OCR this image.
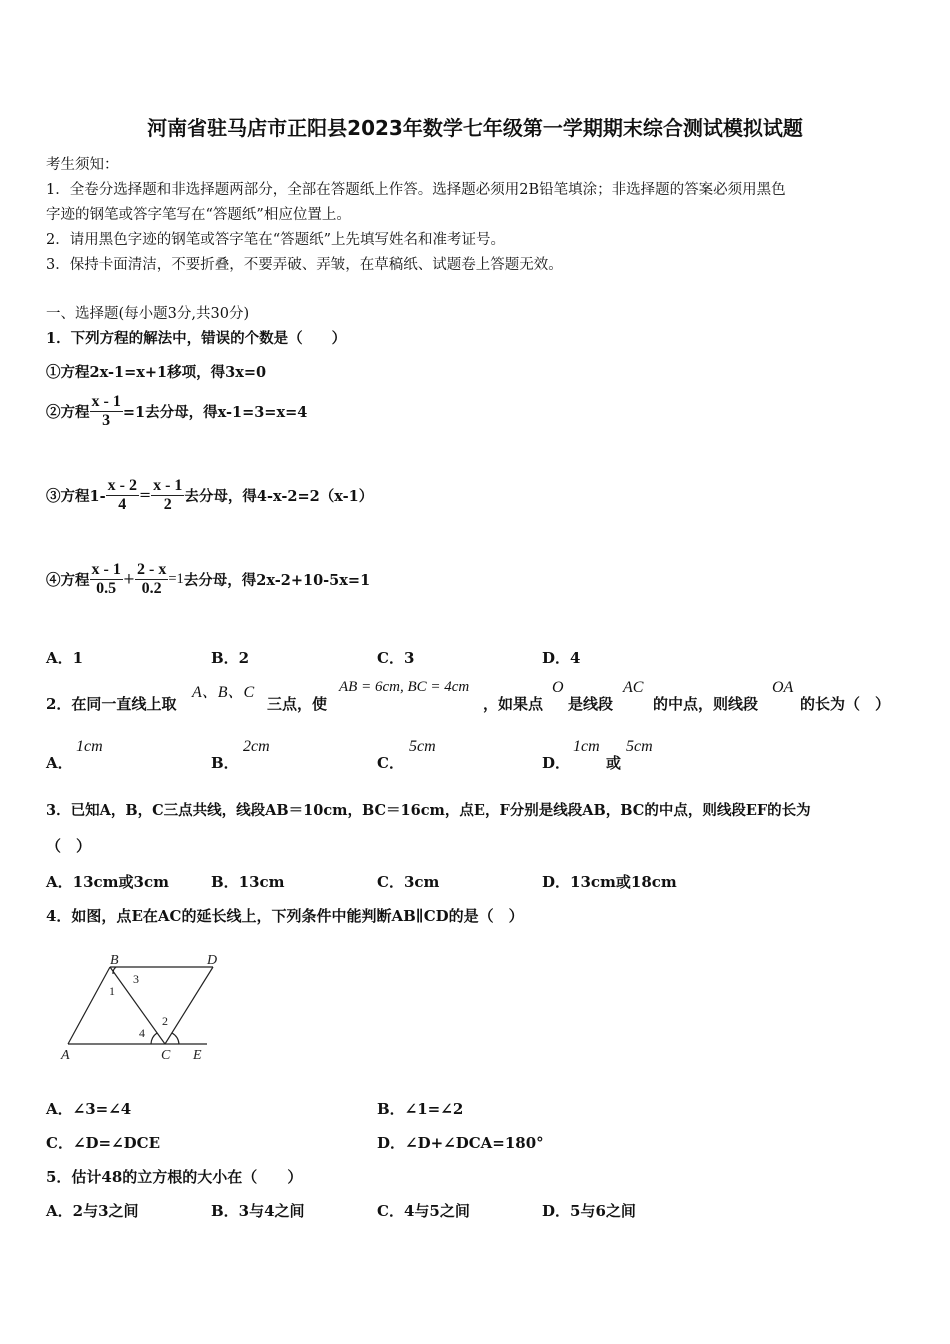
河南省驻马店市正阳县2023年数学七年级第一学期期末综合测试模拟试题
考生须知：
1．全卷分选择题和非选择题两部分，全部在答题纸上作答。选择题必须用2B铅笔填涂；非选择题的答案必须用黑色
字迹的钢笔或答字笔写在“答题纸”相应位置上。
2．请用黑色字迹的钢笔或答字笔在“答题纸”上先填写姓名和准考证号。
3．保持卡面清洁，不要折叠，不要弄破、弄皱，在草稿纸、试题卷上答题无效。
一、选择题(每小题3分,共30分)
1．下列方程的解法中，错误的个数是（　　）
①方程2x-1=x+1移项，得3x=0
②方程 $\frac{x - 1}{3} =1$去分母，得x-1=3=x=4
③方程$1- \frac{x - 2}{4} = \frac{x - 1}{2}$ 去分母，得4-x-2=2（x-1）
④方程 $\frac{x - 1}{0.5} + \frac{2 - x}{0.2} =1$去分母，得2x-2+10-5x=1
A．1	B．2	C．3	D．4
2．在同一直线上取
A、B、C
三点，使
AB = 6cm, BC = 4cm
，如果点
O
是线段
AC
的中点，则线段
OA
的长为（　）
A．
1cm
B．
2cm
C．
5cm
D．
1cm
或
5cm
3．已知A，B，C三点共线，线段AB＝10cm，BC＝16cm，点E，F分别是线段AB，BC的中点，则线段EF的长为
（　）
A．13cm或3cm	B．13cm	C．3cm	D．13cm或18cm
4．如图，点E在AC的延长线上，下列条件中能判断AB∥CD的是（　）
B	D
A	C E
1
2
3
4
A．∠3=∠4	B．∠1=∠2
C．∠D=∠DCE	D．∠D+∠DCA=180°
5．估计48的立方根的大小在（　　）
A．2与3之间	B．3与4之间	C．4与5之间	D．5与6之间
